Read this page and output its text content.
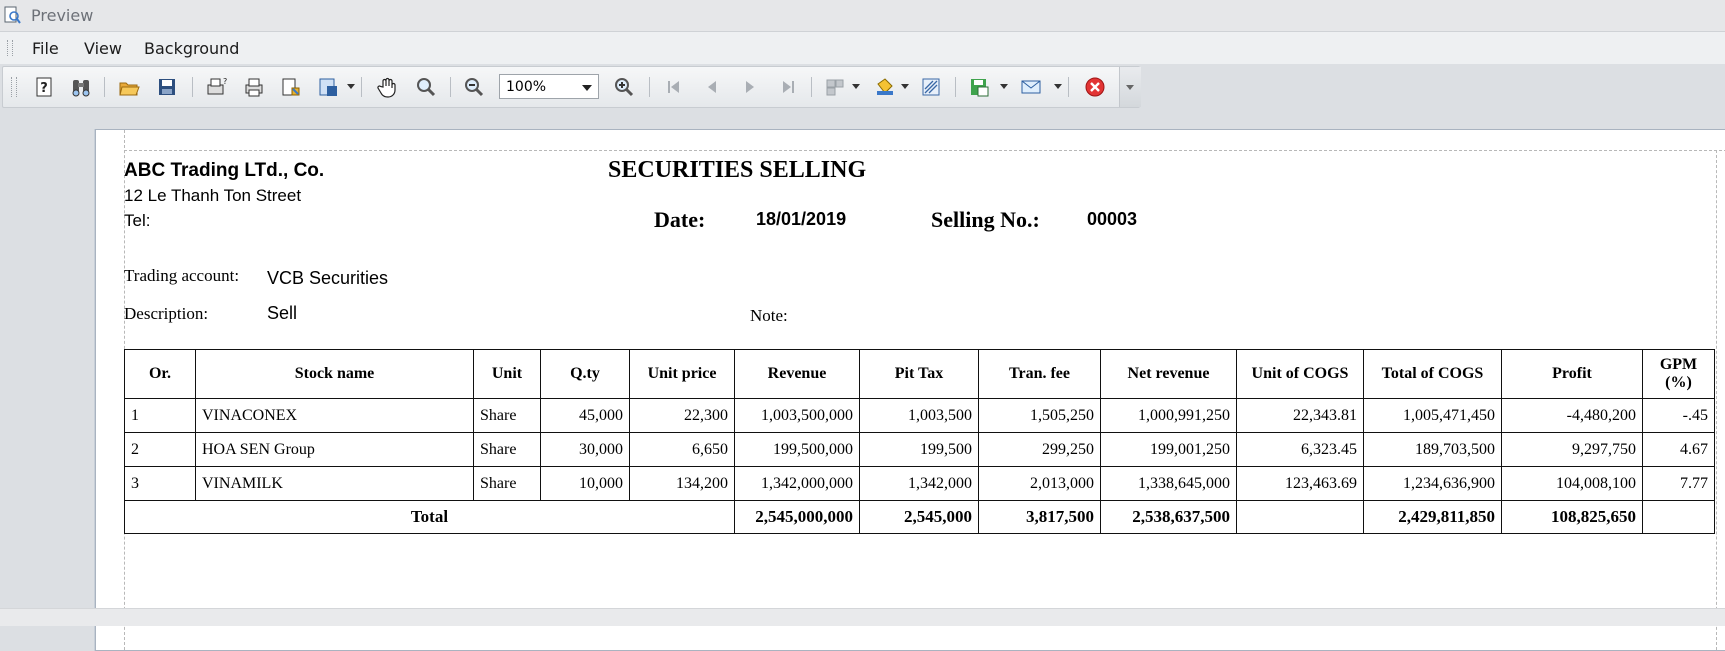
Preview
File View Background
?	?	100%
ABC Trading LTd., Co.
12 Le Thanh Ton Street
Tel:
SECURITIES SELLING
Date:	18/01/2019	Selling No.:	00003
Trading account: VCB Securities
Description:	Sell	Note:
Or.	Stock name	Unit	Q.ty	Unit price	Revenue	Pit Tax	Tran. fee	Net revenue	Unit of COGS	Total of COGS	Profit	GPM (%)
1	VINACONEX	Share	45,000	22,300	1,003,500,000	1,003,500	1,505,250	1,000,991,250	22,343.81	1,005,471,450	-4,480,200	-.45
2	HOA SEN Group	Share	30,000	6,650	199,500,000	199,500	299,250	199,001,250	6,323.45	189,703,500	9,297,750	4.67
3	VINAMILK	Share	10,000	134,200	1,342,000,000	1,342,000	2,013,000	1,338,645,000	123,463.69	1,234,636,900	104,008,100	7.77
Total					2,545,000,000	2,545,000	3,817,500	2,538,637,500		2,429,811,850	108,825,650	
